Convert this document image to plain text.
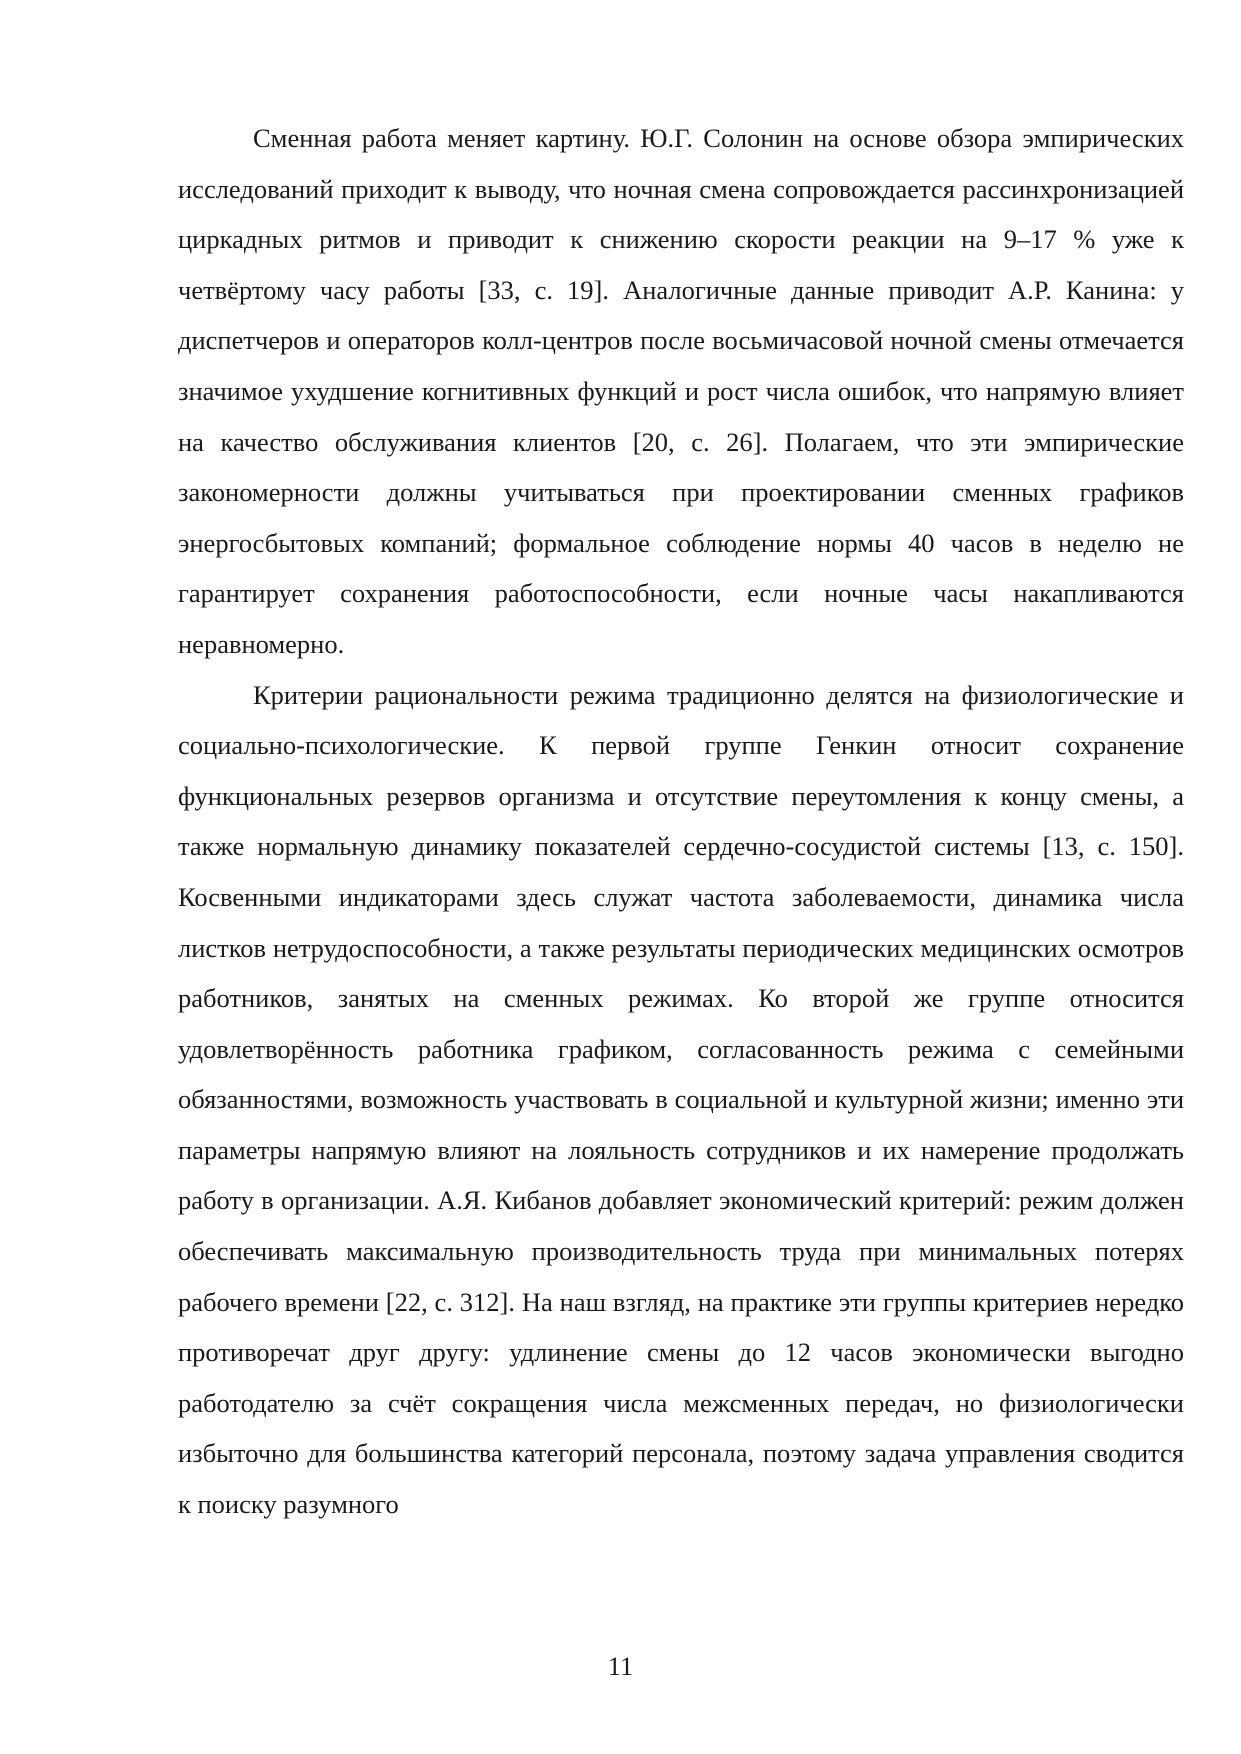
Сменная работа меняет картину. Ю.Г. Солонин на основе обзора эмпирических исследований приходит к выводу, что ночная смена сопровождается рассинхронизацией циркадных ритмов и приводит к снижению скорости реакции на 9–17 % уже к четвёртому часу работы [33, с. 19]. Аналогичные данные приводит А.Р. Канина: у диспетчеров и операторов колл-центров после восьмичасовой ночной смены отмечается значимое ухудшение когнитивных функций и рост числа ошибок, что напрямую влияет на качество обслуживания клиентов [20, с. 26]. Полагаем, что эти эмпирические закономерности должны учитываться при проектировании сменных графиков энергосбытовых компаний; формальное соблюдение нормы 40 часов в неделю не гарантирует сохранения работоспособности, если ночные часы накапливаются неравномерно.

Критерии рациональности режима традиционно делятся на физиологические и социально-психологические. К первой группе Генкин относит сохранение функциональных резервов организма и отсутствие переутомления к концу смены, а также нормальную динамику показателей сердечно-сосудистой системы [13, с. 150]. Косвенными индикаторами здесь служат частота заболеваемости, динамика числа листков нетрудоспособности, а также результаты периодических медицинских осмотров работников, занятых на сменных режимах. Ко второй же группе относится удовлетворённость работника графиком, согласованность режима с семейными обязанностями, возможность участвовать в социальной и культурной жизни; именно эти параметры напрямую влияют на лояльность сотрудников и их намерение продолжать работу в организации. А.Я. Кибанов добавляет экономический критерий: режим должен обеспечивать максимальную производительность труда при минимальных потерях рабочего времени [22, с. 312]. На наш взгляд, на практике эти группы критериев нередко противоречат друг другу: удлинение смены до 12 часов экономически выгодно работодателю за счёт сокращения числа межсменных передач, но физиологически избыточно для большинства категорий персонала, поэтому задача управления сводится к поиску разумного

11
